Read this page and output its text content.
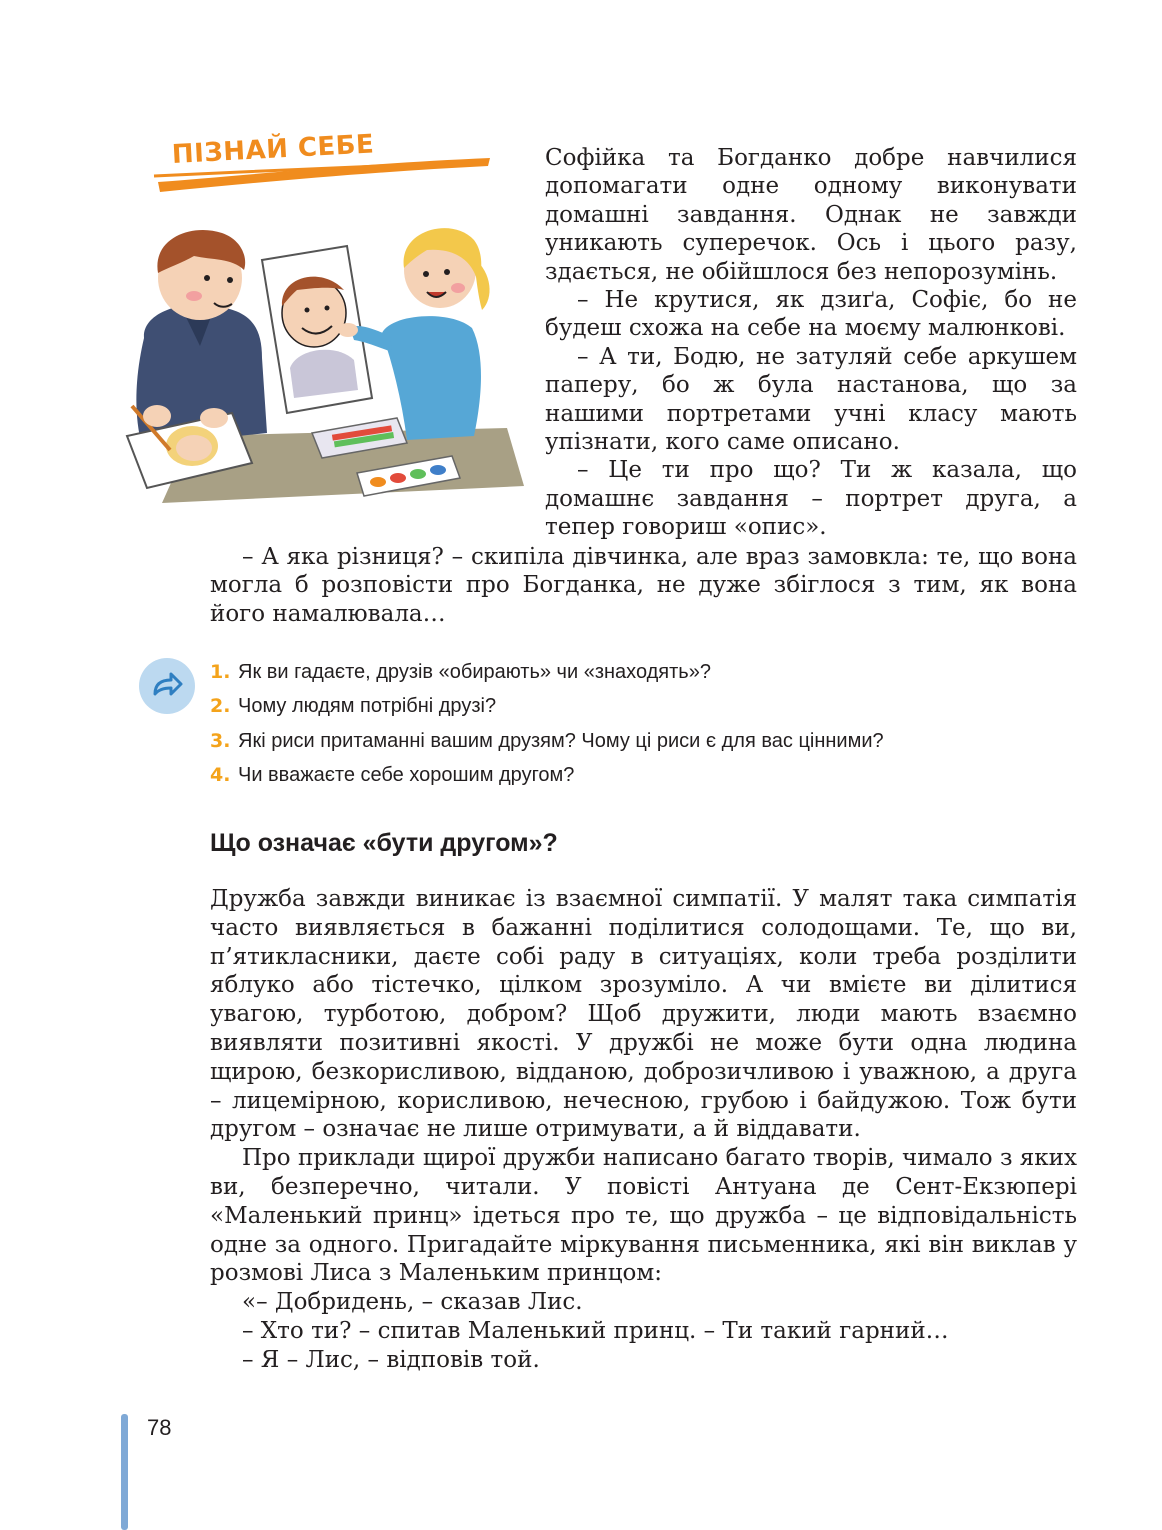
ПІЗНАЙ СЕБЕ	Софійка та Богданко добре навчилися допомагати одне одному виконувати домашні завдання. Однак не завжди уникають суперечок. Ось і цього разу, здається, не обійшлося без непорозумінь.

– Не крутися, як дзиґа, Софіє, бо не будеш схожа на себе на моєму малюнкові.

– А ти, Бодю, не затуляй себе аркушем паперу, бо ж була настанова, що за нашими портретами учні класу мають упізнати, кого саме описано.

– Це ти про що? Ти ж казала, що домашнє завдання – портрет друга, а тепер говориш «опис».

– А яка різниця? – скипіла дівчинка, але враз замовкла: те, що вона могла б розповісти про Богданка, не дуже збіглося з тим, як вона його намалювала…

1. Як ви гадаєте, друзів «обирають» чи «знаходять»?
2. Чому людям потрібні друзі?
3. Які риси притаманні вашим друзям? Чому ці риси є для вас цінними?
4. Чи вважаєте себе хорошим другом?
Що означає «бути другом»?

Дружба завжди виникає із взаємної симпатії. У малят така симпатія часто виявляється в бажанні поділитися солодощами. Те, що ви, п’ятикласники, даєте собі раду в ситуаціях, коли треба розділити яблуко або тістечко, цілком зрозуміло. А чи вмієте ви ділитися увагою, турботою, добром? Щоб дружити, люди мають взаємно виявляти позитивні якості. У дружбі не може бути одна людина щирою, безкорисливою, відданою, доброзичливою і уважною, а друга – лицемірною, корисливою, нечесною, грубою і байдужою. Тож бути другом – означає не лише отримувати, а й віддавати.

Про приклади щирої дружби написано багато творів, чимало з яких ви, безперечно, читали. У повісті Антуана де Сент-Екзюпері «Маленький принц» ідеться про те, що дружба – це відповідальність одне за одного. Пригадайте міркування письменника, які він виклав у розмові Лиса з Маленьким принцом:

«– Добридень, – сказав Лис.

– Хто ти? – спитав Маленький принц. – Ти такий гарний…

– Я – Лис, – відповів той.

78
